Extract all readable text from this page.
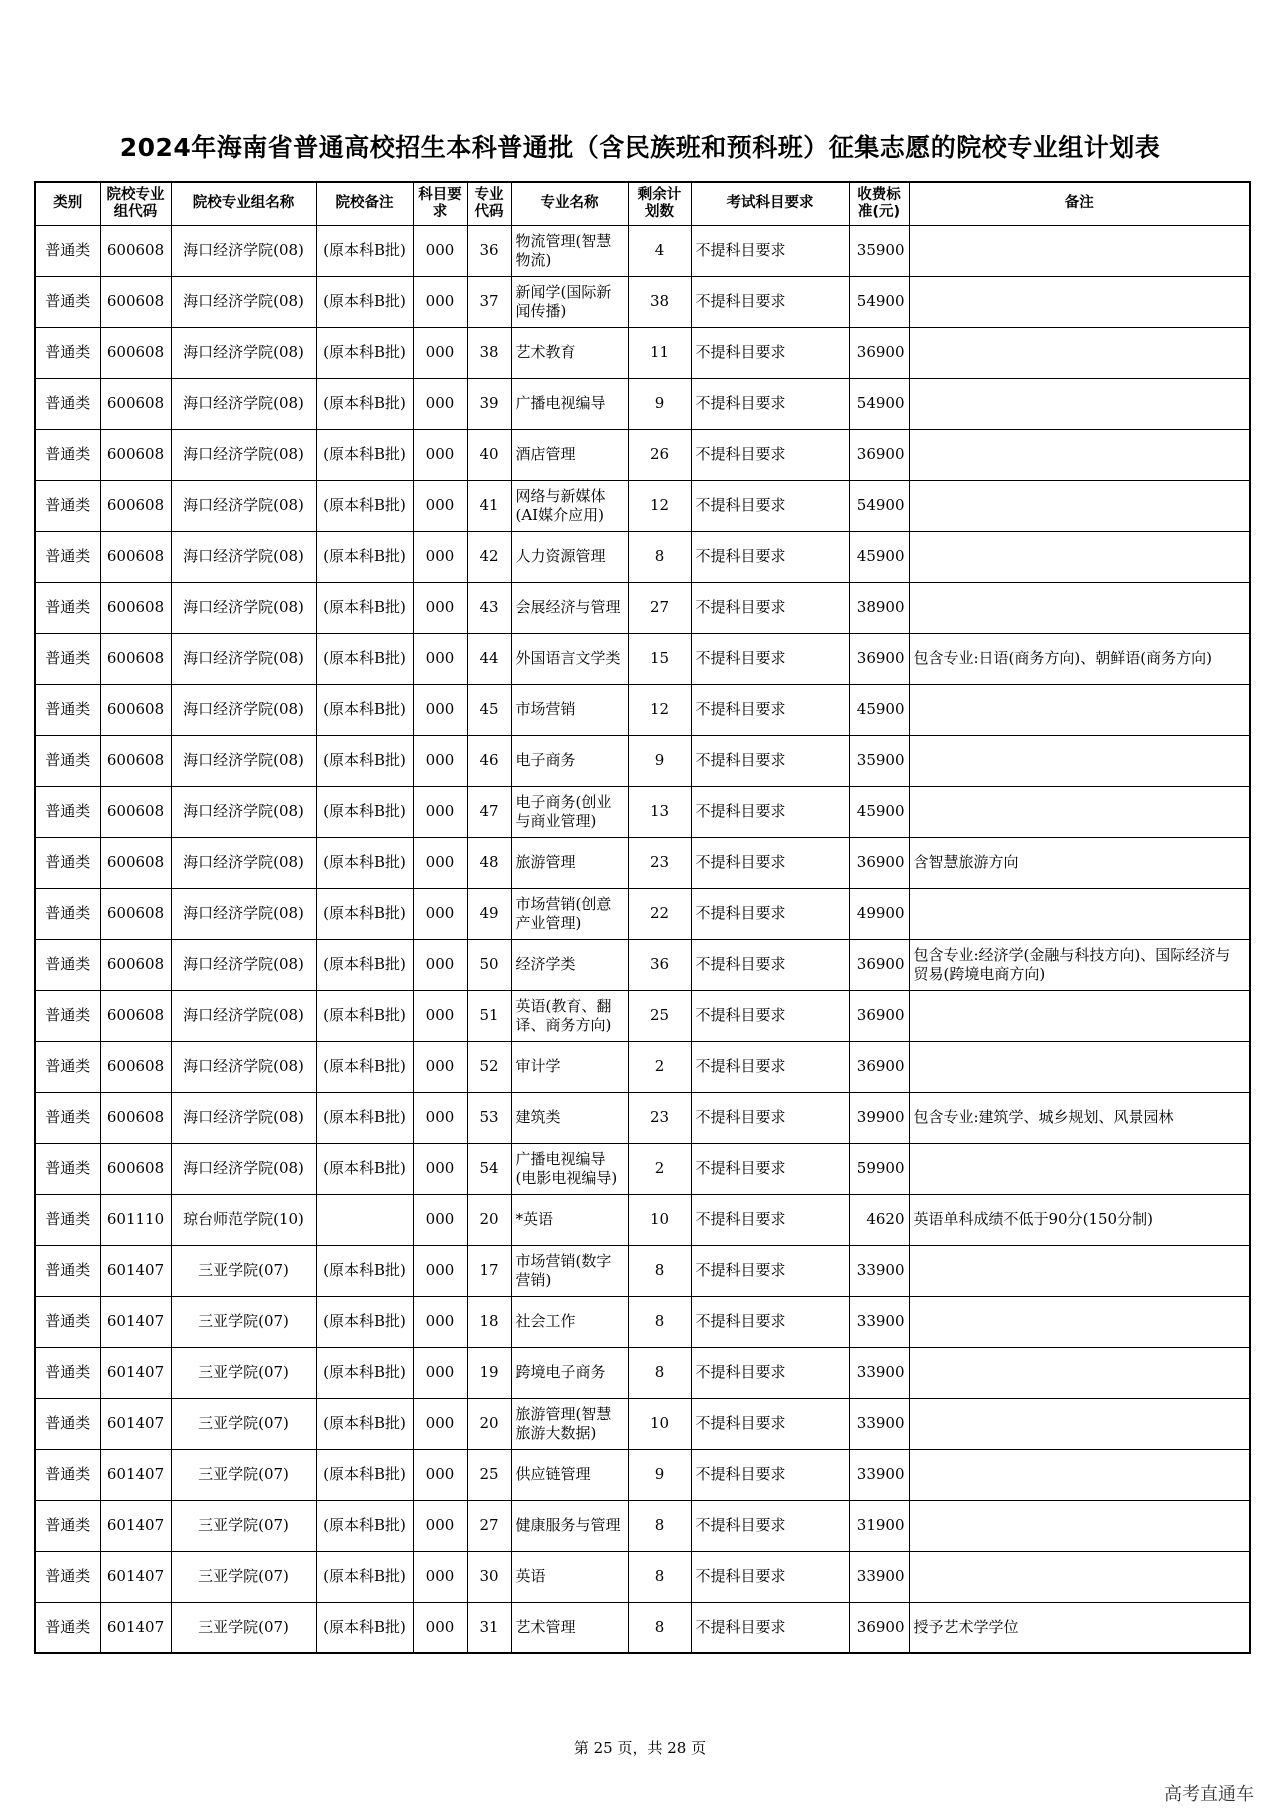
2024年海南省普通高校招生本科普通批（含民族班和预科班）征集志愿的院校专业组计划表
类别	院校专业组代码	院校专业组名称	院校备注	科目要求	专业代码	专业名称	剩余计划数	考试科目要求	收费标准(元)	备注
普通类	600608	海口经济学院(08)	(原本科B批)	000	36	物流管理(智慧物流)	4	不提科目要求	35900	

普通类	600608	海口经济学院(08)	(原本科B批)	000	37	新闻学(国际新闻传播)	38	不提科目要求	54900	

普通类	600608	海口经济学院(08)	(原本科B批)	000	38	艺术教育	11	不提科目要求	36900	

普通类	600608	海口经济学院(08)	(原本科B批)	000	39	广播电视编导	9	不提科目要求	54900	

普通类	600608	海口经济学院(08)	(原本科B批)	000	40	酒店管理	26	不提科目要求	36900	

普通类	600608	海口经济学院(08)	(原本科B批)	000	41	网络与新媒体(AI媒介应用)	12	不提科目要求	54900	

普通类	600608	海口经济学院(08)	(原本科B批)	000	42	人力资源管理	8	不提科目要求	45900	

普通类	600608	海口经济学院(08)	(原本科B批)	000	43	会展经济与管理	27	不提科目要求	38900	

普通类	600608	海口经济学院(08)	(原本科B批)	000	44	外国语言文学类	15	不提科目要求	36900	包含专业:日语(商务方向)、朝鲜语(商务方向)

普通类	600608	海口经济学院(08)	(原本科B批)	000	45	市场营销	12	不提科目要求	45900	

普通类	600608	海口经济学院(08)	(原本科B批)	000	46	电子商务	9	不提科目要求	35900	

普通类	600608	海口经济学院(08)	(原本科B批)	000	47	电子商务(创业与商业管理)	13	不提科目要求	45900	

普通类	600608	海口经济学院(08)	(原本科B批)	000	48	旅游管理	23	不提科目要求	36900	含智慧旅游方向

普通类	600608	海口经济学院(08)	(原本科B批)	000	49	市场营销(创意产业管理)	22	不提科目要求	49900	

普通类	600608	海口经济学院(08)	(原本科B批)	000	50	经济学类	36	不提科目要求	36900	包含专业:经济学(金融与科技方向)、国际经济与贸易(跨境电商方向)

普通类	600608	海口经济学院(08)	(原本科B批)	000	51	英语(教育、翻译、商务方向)	25	不提科目要求	36900	

普通类	600608	海口经济学院(08)	(原本科B批)	000	52	审计学	2	不提科目要求	36900	

普通类	600608	海口经济学院(08)	(原本科B批)	000	53	建筑类	23	不提科目要求	39900	包含专业:建筑学、城乡规划、风景园林

普通类	600608	海口经济学院(08)	(原本科B批)	000	54	广播电视编导(电影电视编导)	2	不提科目要求	59900	

普通类	601110	琼台师范学院(10)		000	20	*英语	10	不提科目要求	4620	英语单科成绩不低于90分(150分制)

普通类	601407	三亚学院(07)	(原本科B批)	000	17	市场营销(数字营销)	8	不提科目要求	33900	

普通类	601407	三亚学院(07)	(原本科B批)	000	18	社会工作	8	不提科目要求	33900	

普通类	601407	三亚学院(07)	(原本科B批)	000	19	跨境电子商务	8	不提科目要求	33900	

普通类	601407	三亚学院(07)	(原本科B批)	000	20	旅游管理(智慧旅游大数据)	10	不提科目要求	33900	

普通类	601407	三亚学院(07)	(原本科B批)	000	25	供应链管理	9	不提科目要求	33900	

普通类	601407	三亚学院(07)	(原本科B批)	000	27	健康服务与管理	8	不提科目要求	31900	

普通类	601407	三亚学院(07)	(原本科B批)	000	30	英语	8	不提科目要求	33900	

普通类	601407	三亚学院(07)	(原本科B批)	000	31	艺术管理	8	不提科目要求	36900	授予艺术学学位
第 25 页，共 28 页
高考直通车
